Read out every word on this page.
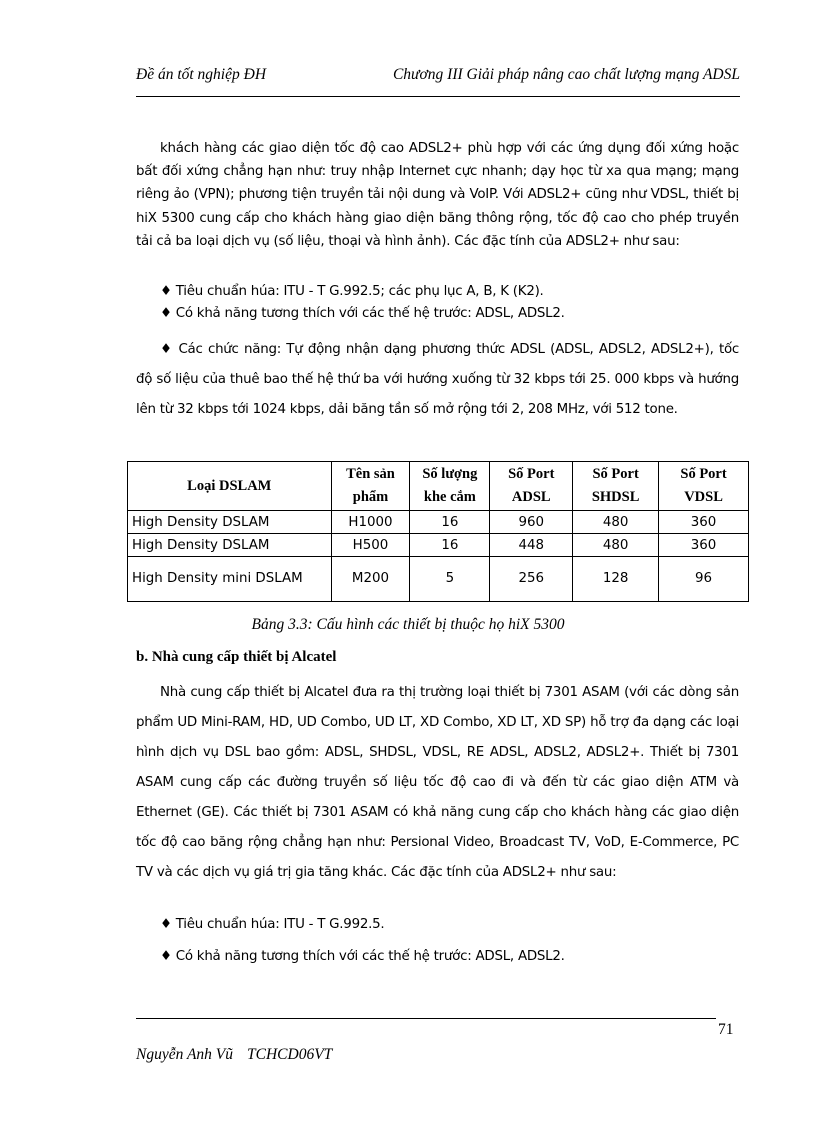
Đề án tốt nghiệp ĐH	Chương III Giải pháp nâng cao chất lượng mạng ADSL
khách hàng các giao diện tốc độ cao ADSL2+ phù hợp với các ứng dụng đối xứng hoặc bất đối xứng chẳng hạn như: truy nhập Internet cực nhanh; dạy học từ xa qua mạng; mạng riêng ảo (VPN); phương tiện truyền tải nội dung và VoIP. Với ADSL2+ cũng như VDSL, thiết bị hiX 5300 cung cấp cho khách hàng giao diện băng thông rộng, tốc độ cao cho phép truyền tải cả ba loại dịch vụ (số liệu, thoại và hình ảnh). Các đặc tính của ADSL2+ như sau:
♦ Tiêu chuẩn húa: ITU - T G.992.5; các phụ lục A, B, K (K2).
♦ Có khả năng tương thích với các thế hệ trước: ADSL, ADSL2.
♦ Các chức năng: Tự động nhận dạng phương thức ADSL (ADSL, ADSL2, ADSL2+), tốc độ số liệu của thuê bao thế hệ thứ ba với hướng xuống từ 32 kbps tới 25. 000 kbps và hướng lên từ 32 kbps tới 1024 kbps, dải băng tần số mở rộng tới 2, 208 MHz, với 512 tone.
Loại DSLAM	Tên sản phẩm	Số lượng khe cắm	Số Port ADSL	Số Port SHDSL	Số Port VDSL
High Density DSLAM	H1000	16	960	480	360
High Density DSLAM	H500	16	448	480	360
High Density mini DSLAM	M200	5	256	128	96
Bảng 3.3: Cấu hình các thiết bị thuộc họ hiX 5300
b. Nhà cung cấp thiết bị Alcatel
Nhà cung cấp thiết bị Alcatel đưa ra thị trường loại thiết bị 7301 ASAM (với các dòng sản phẩm UD Mini-RAM, HD, UD Combo, UD LT, XD Combo, XD LT, XD SP) hỗ trợ đa dạng các loại hình dịch vụ DSL bao gồm: ADSL, SHDSL, VDSL, RE ADSL, ADSL2, ADSL2+. Thiết bị 7301 ASAM cung cấp các đường truyền số liệu tốc độ cao đi và đến từ các giao diện ATM và Ethernet (GE). Các thiết bị 7301 ASAM có khả năng cung cấp cho khách hàng các giao diện tốc độ cao băng rộng chẳng hạn như: Persional Video, Broadcast TV, VoD, E-Commerce, PC TV và các dịch vụ giá trị gia tăng khác. Các đặc tính của ADSL2+ như sau:
♦ Tiêu chuẩn húa: ITU - T G.992.5.
♦ Có khả năng tương thích với các thế hệ trước: ADSL, ADSL2.
71
Nguyễn Anh Vũ TCHCD06VT
